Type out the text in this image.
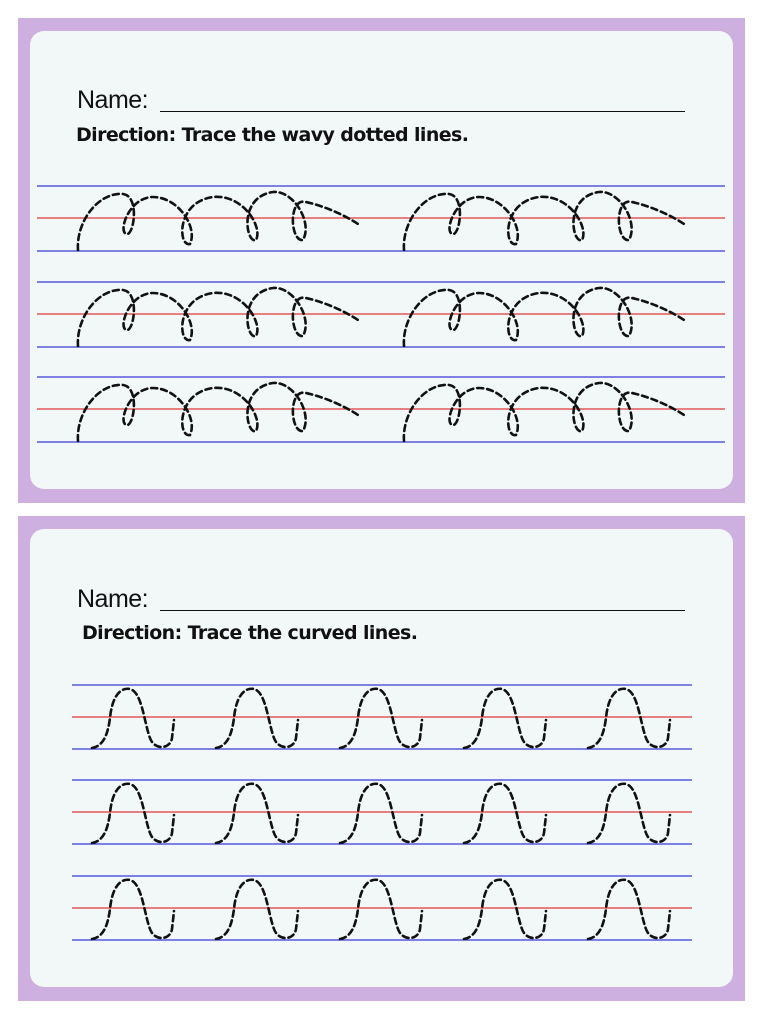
Name:
Direction: Trace the wavy dotted lines.
Name:
Direction: Trace the curved lines.
